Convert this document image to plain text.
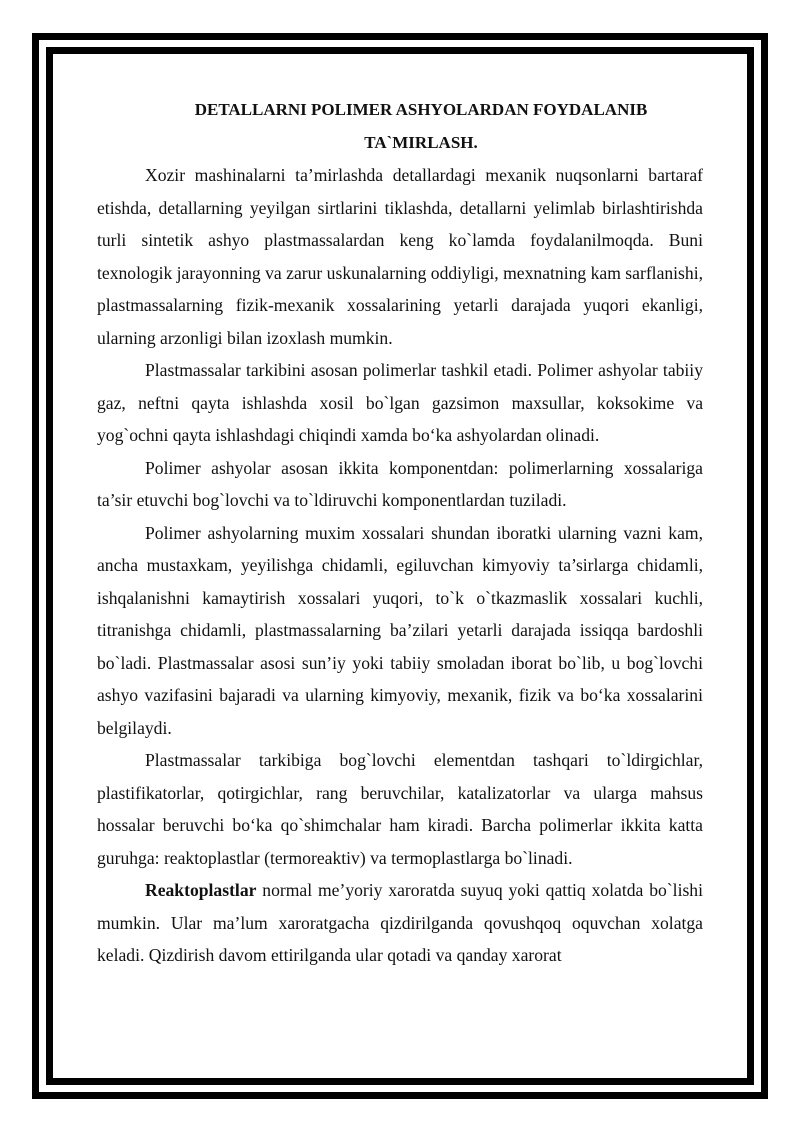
DETALLARNI POLIMER ASHYOLARDAN FOYDALANIB
TA`MIRLASH.

Xozir mashinalarni ta’mirlashda detallardagi mexanik nuqsonlarni bartaraf etishda, detallarning yeyilgan sirtlarini tiklashda, detallarni yelimlab birlashtirishda turli sintetik ashyo plastmassalardan keng ko`lamda foydalanilmoqda. Buni texnologik jarayonning va zarur uskunalarning oddiyligi, mexnatning kam sarflanishi, plastmassalarning fizik-mexanik xossalarining yetarli darajada yuqori ekanligi, ularning arzonligi bilan izoxlash mumkin.

Plastmassalar tarkibini asosan polimerlar tashkil etadi. Polimer ashyolar tabiiy gaz, neftni qayta ishlashda xosil bo`lgan gazsimon maxsullar, koksokime va yog`ochni qayta ishlashdagi chiqindi xamda bo‘ka ashyolardan olinadi.

Polimer ashyolar asosan ikkita komponentdan: polimerlarning xossalariga ta’sir etuvchi bog`lovchi va to`ldiruvchi komponentlardan tuziladi.

Polimer ashyolarning muxim xossalari shundan iboratki ularning vazni kam, ancha mustaxkam, yeyilishga chidamli, egiluvchan kimyoviy ta’sirlarga chidamli, ishqalanishni kamaytirish xossalari yuqori, to`k o`tkazmaslik xossalari kuchli, titranishga chidamli, plastmassalarning ba’zilari yetarli darajada issiqqa bardoshli bo`ladi. Plastmassalar asosi sun’iy yoki tabiiy smoladan iborat bo`lib, u bog`lovchi ashyo vazifasini bajaradi va ularning kimyoviy, mexanik, fizik va bo‘ka xossalarini belgilaydi.

Plastmassalar tarkibiga bog`lovchi elementdan tashqari to`ldirgichlar, plastifikatorlar, qotirgichlar, rang beruvchilar, katalizatorlar va ularga mahsus hossalar beruvchi bo‘ka qo`shimchalar ham kiradi. Barcha polimerlar ikkita katta guruhga: reaktoplastlar (termoreaktiv) va termoplastlarga bo`linadi.

Reaktoplastlar normal me’yoriy xaroratda suyuq yoki qattiq xolatda bo`lishi mumkin. Ular ma’lum xaroratgacha qizdirilganda qovushqoq oquvchan xolatga keladi. Qizdirish davom ettirilganda ular qotadi va qanday xarorat
